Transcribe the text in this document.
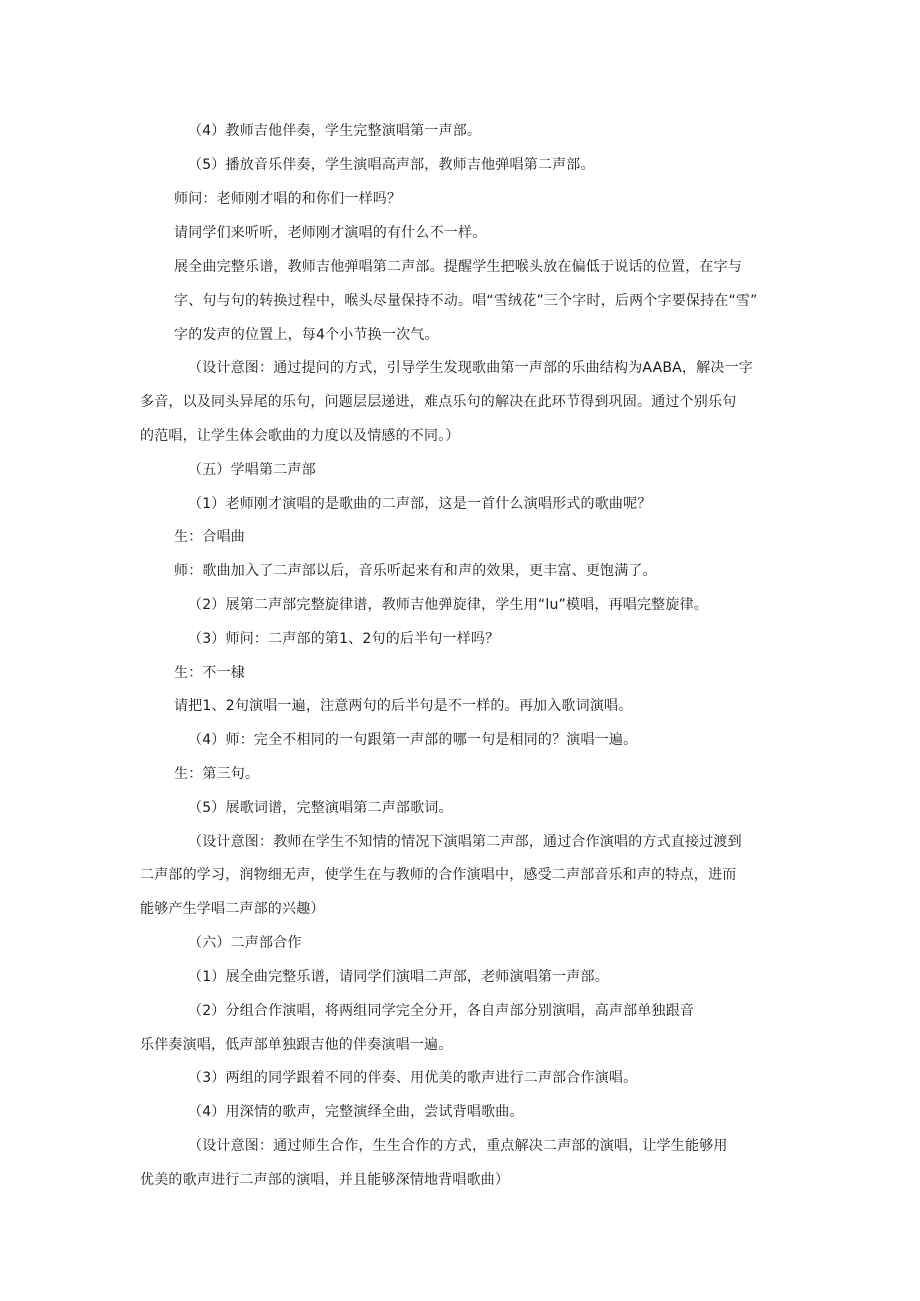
（4）教师吉他伴奏，学生完整演唱第一声部。
（5）播放音乐伴奏，学生演唱高声部，教师吉他弹唱第二声部。
师问：老师刚才唱的和你们一样吗？
请同学们来听听，老师刚才演唱的有什么不一样。
展全曲完整乐谱，教师吉他弹唱第二声部。提醒学生把喉头放在偏低于说话的位置，在字与
字、句与句的转换过程中，喉头尽量保持不动。唱“雪绒花”三个字时，后两个字要保持在“雪”
字的发声的位置上，每4个小节换一次气。
（设计意图：通过提问的方式，引导学生发现歌曲第一声部的乐曲结构为AABA，解决一字
多音，以及同头异尾的乐句，问题层层递进，难点乐句的解决在此环节得到巩固。通过个别乐句
的范唱，让学生体会歌曲的力度以及情感的不同。）
（五）学唱第二声部
（1）老师刚才演唱的是歌曲的二声部，这是一首什么演唱形式的歌曲呢？
生：合唱曲
师：歌曲加入了二声部以后，音乐听起来有和声的效果，更丰富、更饱满了。
（2）展第二声部完整旋律谱，教师吉他弹旋律，学生用“lu”模唱，再唱完整旋律。
（3）师问：二声部的第1、2句的后半句一样吗？
生：不一棣
请把1、2句演唱一遍，注意两句的后半句是不一样的。再加入歌词演唱。
（4）师：完全不相同的一句跟第一声部的哪一句是相同的？演唱一遍。
生：第三句。
（5）展歌词谱，完整演唱第二声部歌词。
（设计意图：教师在学生不知情的情况下演唱第二声部，通过合作演唱的方式直接过渡到
二声部的学习，润物细无声，使学生在与教师的合作演唱中，感受二声部音乐和声的特点，进而
能够产生学唱二声部的兴趣）
（六）二声部合作
（1）展全曲完整乐谱，请同学们演唱二声部，老师演唱第一声部。
（2）分组合作演唱，将两组同学完全分开，各自声部分别演唱，高声部单独跟音
乐伴奏演唱，低声部单独跟吉他的伴奏演唱一遍。
（3）两组的同学跟着不同的伴奏、用优美的歌声进行二声部合作演唱。
（4）用深情的歌声，完整演绎全曲，尝试背唱歌曲。
（设计意图：通过师生合作，生生合作的方式，重点解决二声部的演唱，让学生能够用
优美的歌声进行二声部的演唱，并且能够深情地背唱歌曲）
